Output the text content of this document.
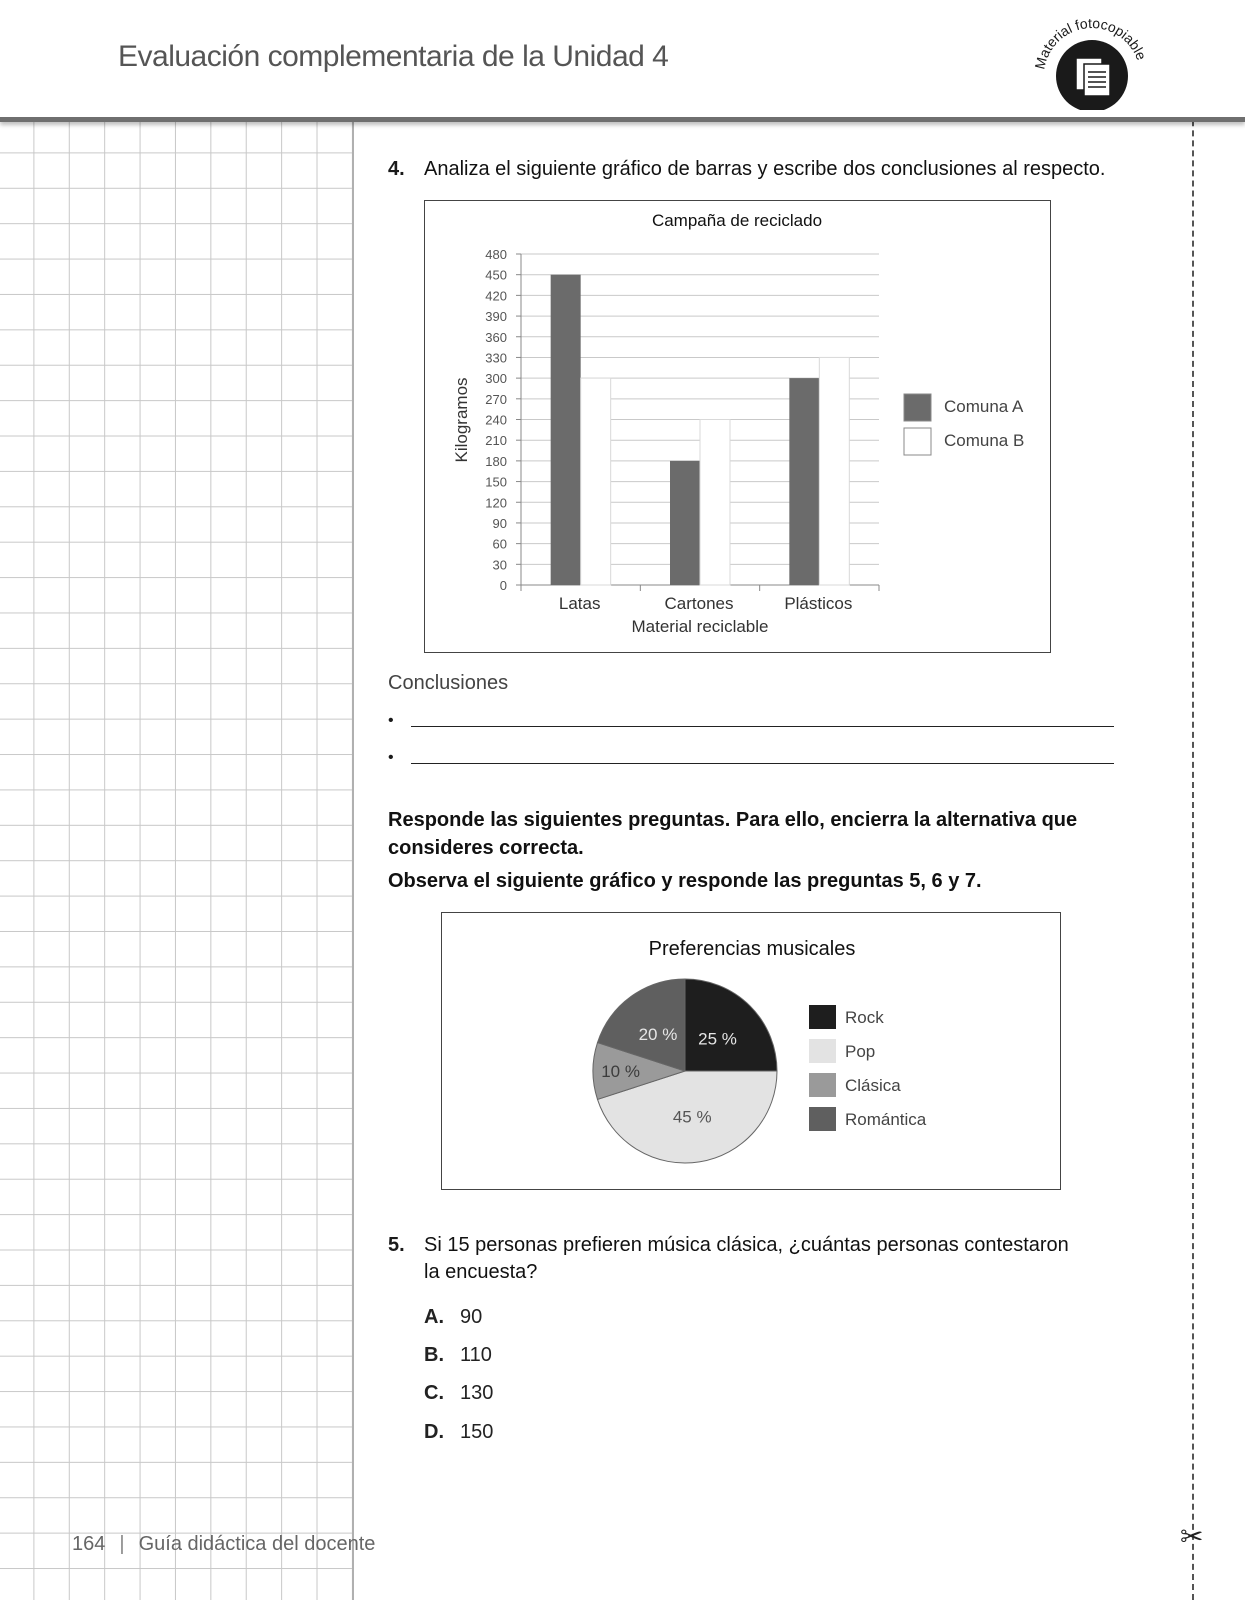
Evaluación complementaria de la Unidad 4	Material fotocopiable
164 | Guía didáctica del docente	✂
4. Analiza el siguiente gráfico de barras y escribe dos conclusiones al respecto.
Campaña de reciclado
0
30
60
90
120
150
180
210
240
270
300
330
360
390
420
450
480
Latas	Cartones	Plásticos
Material reciclable
Kilogramos	Comuna A
Comuna B
Conclusiones
•
•
Responde las siguientes preguntas. Para ello, encierra la alternativa que
consideres correcta.
Observa el siguiente gráfico y responde las preguntas 5, 6 y 7.
Preferencias musicales
25 %
45 %
10 %
20 %
Rock
Pop
Clásica
Romántica
5. Si 15 personas prefieren música clásica, ¿cuántas personas contestaron
la encuesta?
A. 90
B. 110
C. 130
D. 150
